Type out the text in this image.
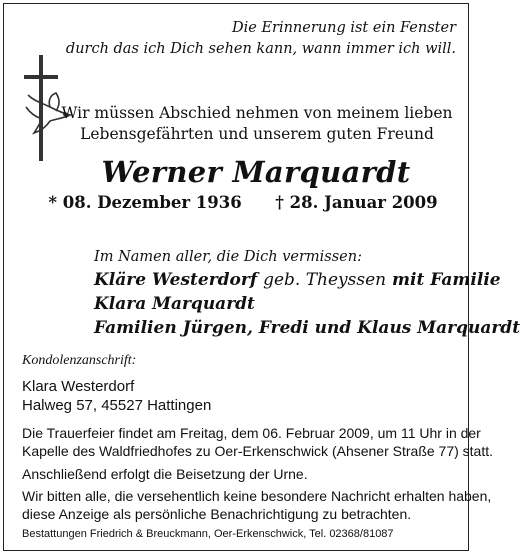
Die Erinnerung ist ein Fenster
durch das ich Dich sehen kann, wann immer ich will.
Wir müssen Abschied nehmen von meinem lieben
Lebensgefährten und unserem guten Freund
Werner Marquardt
* 08. Dezember 1936 † 28. Januar 2009
Im Namen aller, die Dich vermissen:
Kläre Westerdorf geb. Theyssen mit Familie
Klara Marquardt
Familien Jürgen, Fredi und Klaus Marquardt
Kondolenzanschrift:
Klara Westerdorf
Halweg 57, 45527 Hattingen
Die Trauerfeier findet am Freitag, dem 06. Februar 2009, um 11 Uhr in der
Kapelle des Waldfriedhofes zu Oer-Erkenschwick (Ahsener Straße 77) statt.
Anschließend erfolgt die Beisetzung der Urne.
Wir bitten alle, die versehentlich keine besondere Nachricht erhalten haben,
diese Anzeige als persönliche Benachrichtigung zu betrachten.
Bestattungen Friedrich & Breuckmann, Oer-Erkenschwick, Tel. 02368/81087
